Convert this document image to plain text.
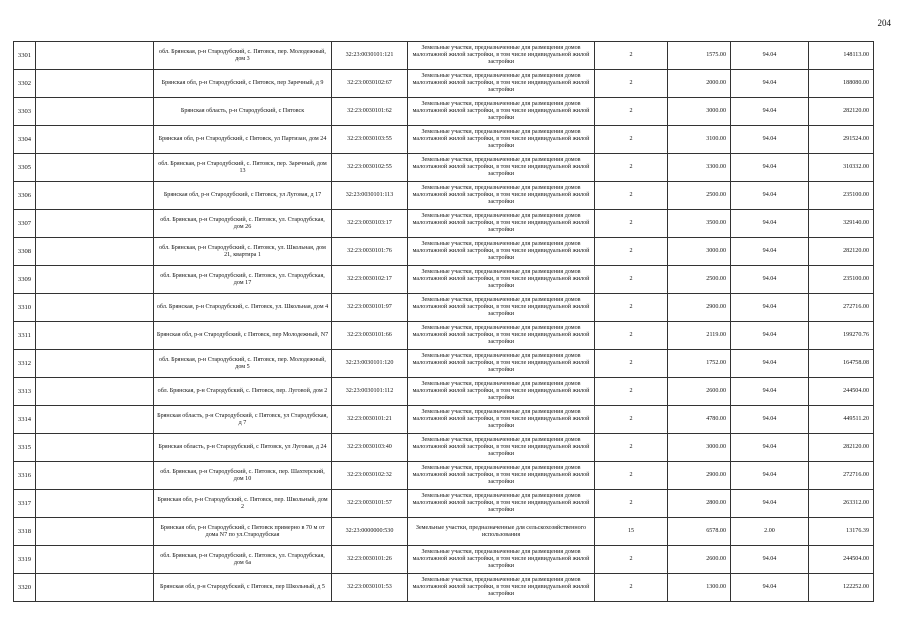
204
3301		обл. Брянская, р-н Стародубский, с. Пятовск, пер. Молодежный, дом 3	32:23:0030101:121	Земельные участки, предназначенные для размещения домов малоэтажной жилой застройки, в том числе индивидуальной жилой застройки	2	1575.00	94.04	148113.00
3302		Брянская обл, р-н Стародубский, с Пятовск, пер Заречный, д 9	32:23:0030102:67	Земельные участки, предназначенные для размещения домов малоэтажной жилой застройки, в том числе индивидуальной жилой застройки	2	2000.00	94.04	188080.00
3303		Брянская область, р-н Стародубский, с Пятовск	32:23:0030101:62	Земельные участки, предназначенные для размещения домов малоэтажной жилой застройки, в том числе индивидуальной жилой застройки	2	3000.00	94.04	282120.00
3304		Брянская обл, р-н Стародубский, с Пятовск, ул Партизан, дом 24	32:23:0030103:55	Земельные участки, предназначенные для размещения домов малоэтажной жилой застройки, в том числе индивидуальной жилой застройки	2	3100.00	94.04	291524.00
3305		обл. Брянская, р-н Стародубский, с. Пятовск, пер. Заречный, дом 13	32:23:0030102:55	Земельные участки, предназначенные для размещения домов малоэтажной жилой застройки, в том числе индивидуальной жилой застройки	2	3300.00	94.04	310332.00
3306		Брянская обл, р-н Стародубский, с Пятовск, ул Луговая, д 17	32:23:0030101:113	Земельные участки, предназначенные для размещения домов малоэтажной жилой застройки, в том числе индивидуальной жилой застройки	2	2500.00	94.04	235100.00
3307		обл. Брянская, р-н Стародубский, с. Пятовск, ул. Стародубская, дом 26	32:23:0030103:17	Земельные участки, предназначенные для размещения домов малоэтажной жилой застройки, в том числе индивидуальной жилой застройки	2	3500.00	94.04	329140.00
3308		обл. Брянская, р-н Стародубский, с. Пятовск, ул. Школьная, дом 21, квартира 1	32:23:0030101:76	Земельные участки, предназначенные для размещения домов малоэтажной жилой застройки, в том числе индивидуальной жилой застройки	2	3000.00	94.04	282120.00
3309		обл. Брянская, р-н Стародубский, с. Пятовск, ул. Стародубская, дом 17	32:23:0030102:17	Земельные участки, предназначенные для размещения домов малоэтажной жилой застройки, в том числе индивидуальной жилой застройки	2	2500.00	94.04	235100.00
3310		обл. Брянская, р-н Стародубский, с. Пятовск, ул. Школьная, дом 4	32:23:0030101:97	Земельные участки, предназначенные для размещения домов малоэтажной жилой застройки, в том числе индивидуальной жилой застройки	2	2900.00	94.04	272716.00
3311		Брянская обл, р-н Стародубский, с Пятовск, пер Молодежный, N7	32:23:0030101:66	Земельные участки, предназначенные для размещения домов малоэтажной жилой застройки, в том числе индивидуальной жилой застройки	2	2119.00	94.04	199270.76
3312		обл. Брянская, р-н Стародубский, с. Пятовск, пер. Молодежный, дом 5	32:23:0030101:120	Земельные участки, предназначенные для размещения домов малоэтажной жилой застройки, в том числе индивидуальной жилой застройки	2	1752.00	94.04	164758.08
3313		обл. Брянская, р-н Стародубский, с. Пятовск, пер. Луговой, дом 2	32:23:0030101:112	Земельные участки, предназначенные для размещения домов малоэтажной жилой застройки, в том числе индивидуальной жилой застройки	2	2600.00	94.04	244504.00
3314		Брянская область, р-н Стародубский, с Пятовск, ул Стародубская, д 7	32:23:0030101:21	Земельные участки, предназначенные для размещения домов малоэтажной жилой застройки, в том числе индивидуальной жилой застройки	2	4780.00	94.04	449511.20
3315		Брянская область, р-н Стародубский, с Пятовск, ул Луговая, д 24	32:23:0030103:40	Земельные участки, предназначенные для размещения домов малоэтажной жилой застройки, в том числе индивидуальной жилой застройки	2	3000.00	94.04	282120.00
3316		обл. Брянская, р-н Стародубский, с. Пятовск, пер. Шахтерский, дом 10	32:23:0030102:32	Земельные участки, предназначенные для размещения домов малоэтажной жилой застройки, в том числе индивидуальной жилой застройки	2	2900.00	94.04	272716.00
3317		Брянская обл, р-н Стародубский, с. Пятовск, пер. Школьный, дом 2	32:23:0030101:57	Земельные участки, предназначенные для размещения домов малоэтажной жилой застройки, в том числе индивидуальной жилой застройки	2	2800.00	94.04	263312.00
3318		Брянская обл, р-н Стародубский, с Пятовск примерно в 70 м от дома N7 по ул.Стародубская	32:23:0000000:530	Земельные участки, предназначенные для сельскохозяйственного использования	15	6578.00	2.00	13176.39
3319		обл. Брянская, р-н Стародубский, с. Пятовск, ул. Стародубская, дом 6а	32:23:0030101:26	Земельные участки, предназначенные для размещения домов малоэтажной жилой застройки, в том числе индивидуальной жилой застройки	2	2600.00	94.04	244504.00
3320		Брянская обл, р-н Стародубский, с Пятовск, пер Школьный, д 5	32:23:0030101:53	Земельные участки, предназначенные для размещения домов малоэтажной жилой застройки, в том числе индивидуальной жилой застройки	2	1300.00	94.04	122252.00
